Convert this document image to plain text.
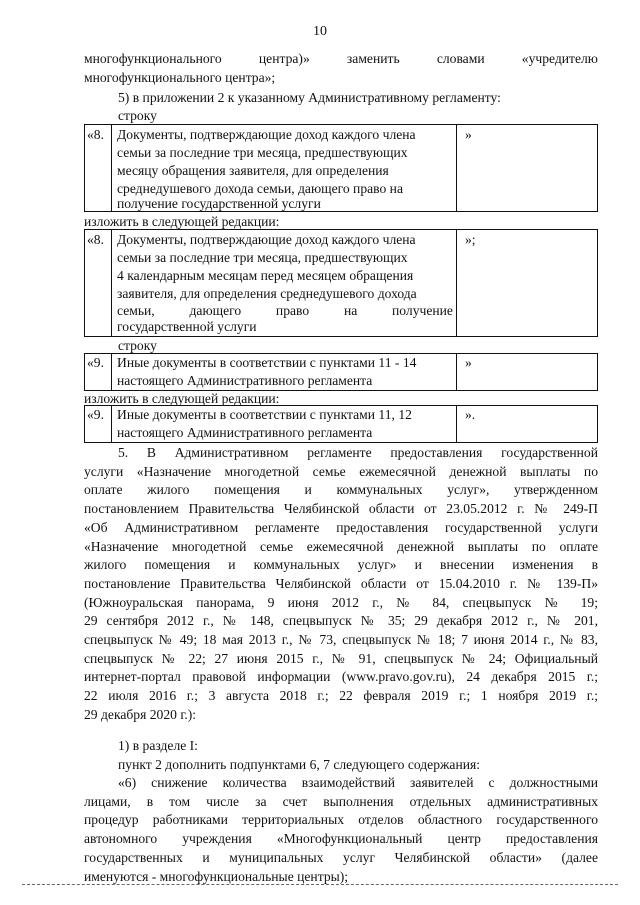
10
многофункционального	центра)»	заменить	словами	«учредителю
многофункционального центра»;
5) в приложении 2 к указанному Административному регламенту:
строку
«8. Документы, подтверждающие доход каждого члена
семьи за последние три месяца, предшествующих
месяцу обращения заявителя, для определения
среднедушевого дохода семьи, дающего право на
получение государственной услуги
»
изложить в следующей редакции:
«8. Документы, подтверждающие доход каждого члена
семьи за последние три месяца, предшествующих
4 календарным месяцам перед месяцем обращения
заявителя, для определения среднедушевого дохода
семьи,	дающего	право	на	получение
государственной услуги
»;
строку
«9. Иные документы в соответствии с пунктами 11 - 14
настоящего Административного регламента
»
изложить в следующей редакции:
«9. Иные документы в соответствии с пунктами 11, 12
настоящего Административного регламента
».
5. В Административном регламенте предоставления государственной
услуги «Назначение многодетной семье ежемесячной денежной выплаты по
оплате жилого помещения и коммунальных услуг», утвержденном
постановлением Правительства Челябинской области от 23.05.2012 г. № 249-П
«Об Административном регламенте предоставления государственной услуги
«Назначение многодетной семье ежемесячной денежной выплаты по оплате
жилого помещения и коммунальных услуг» и внесении изменения в
постановление Правительства Челябинской области от 15.04.2010 г. № 139-П»
(Южноуральская панорама, 9 июня 2012 г., № 84, спецвыпуск № 19;
29 сентября 2012 г., № 148, спецвыпуск № 35; 29 декабря 2012 г., № 201,
спецвыпуск № 49; 18 мая 2013 г., № 73, спецвыпуск № 18; 7 июня 2014 г., № 83,
спецвыпуск № 22; 27 июня 2015 г., № 91, спецвыпуск № 24; Официальный
интернет-портал правовой информации (www.pravo.gov.ru), 24 декабря 2015 г.;
22 июля 2016 г.; 3 августа 2018 г.; 22 февраля 2019 г.; 1 ноября 2019 г.;
29 декабря 2020 г.):
1) в разделе I:
пункт 2 дополнить подпунктами 6, 7 следующего содержания:
«6) снижение количества взаимодействий заявителей с должностными
лицами, в том числе за счет выполнения отдельных административных
процедур работниками территориальных отделов областного государственного
автономного учреждения «Многофункциональный центр предоставления
государственных и муниципальных услуг Челябинской области» (далее
именуются - многофункциональные центры);
